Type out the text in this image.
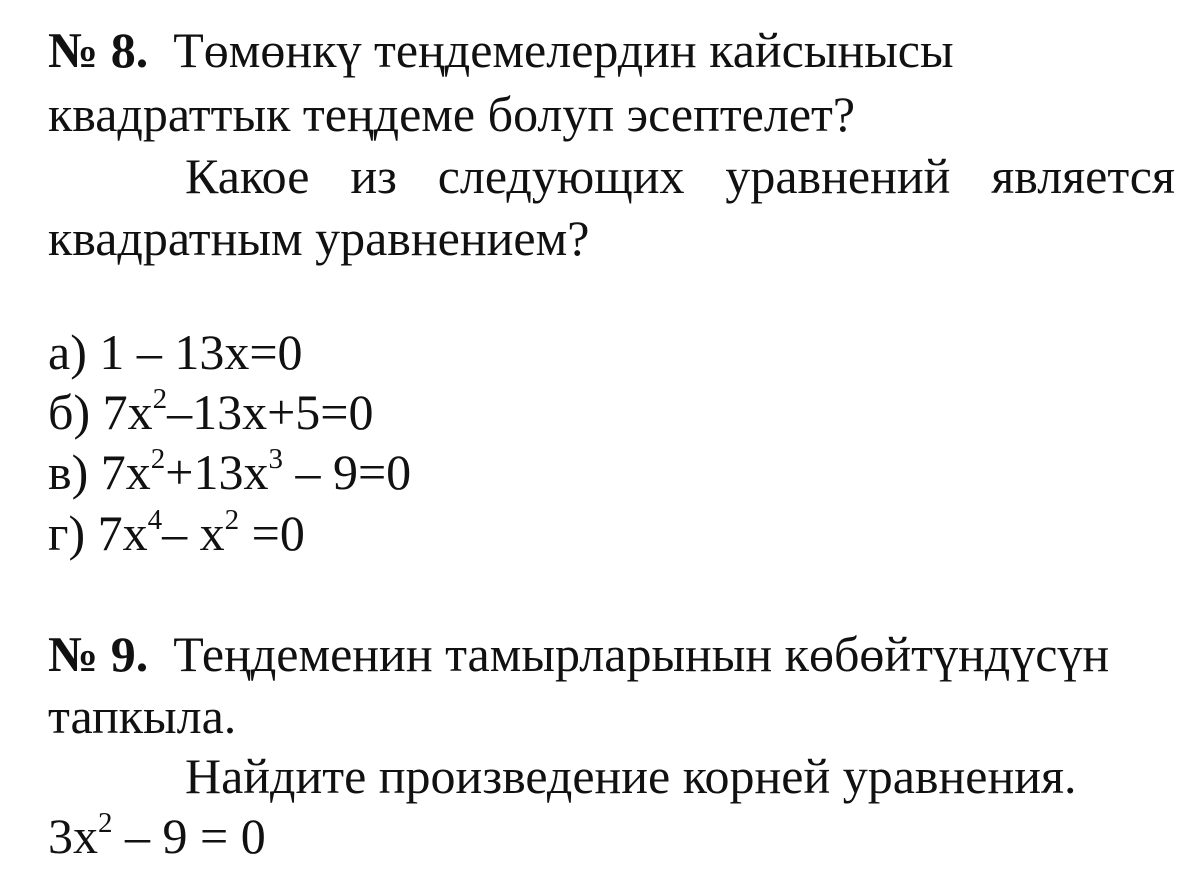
№ 8. Төмөнкү теңдемелердин кайсынысы
квадраттык теңдеме болуп эсептелет?
Какое из следующих уравнений является
квадратным уравнением?
а) 1 – 13x=0
б) $7x^2-13x+5=0$
в) $7x^2+13x^3 - 9=0$
г) $7x^4-$ $x^2 =0$
№ 9. Теңдеменин тамырларынын көбөйтүндүсүн
тапкыла.
Найдите произведение корней уравнения.
$3x^2 - 9 = 0$
